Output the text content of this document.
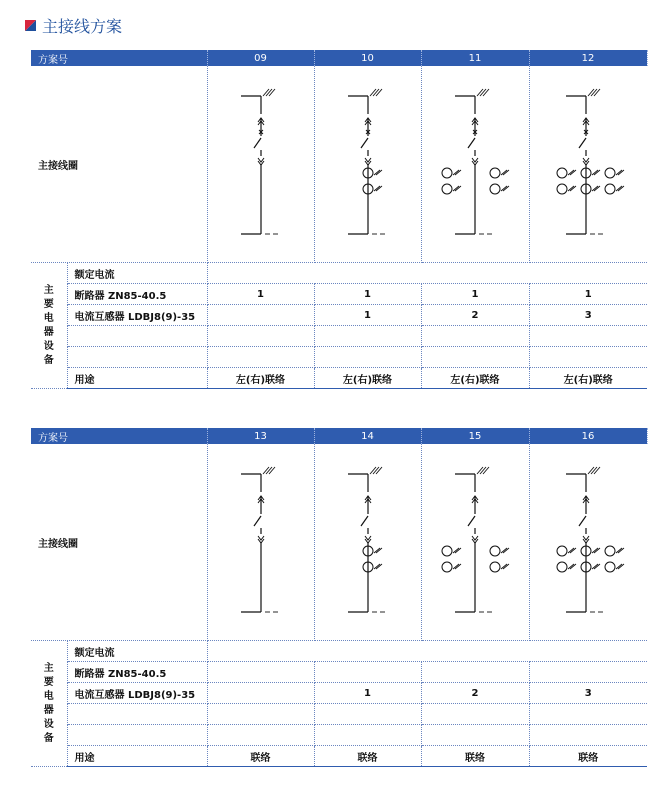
主接线方案
方案号		09	10	11	12
主接线圈	

主要电器设备	额定电流				
	断路器 ZN85-40.5	1	1	1	1
	电流互感器 LDBJ8(9)-35		1	2	3

	用途	左(右)联络	左(右)联络	左(右)联络	左(右)联络
方案号		13	14	15	16
主接线圈	

主要电器设备	额定电流				
	断路器 ZN85-40.5				
	电流互感器 LDBJ8(9)-35		1	2	3

	用途	联络	联络	联络	联络
